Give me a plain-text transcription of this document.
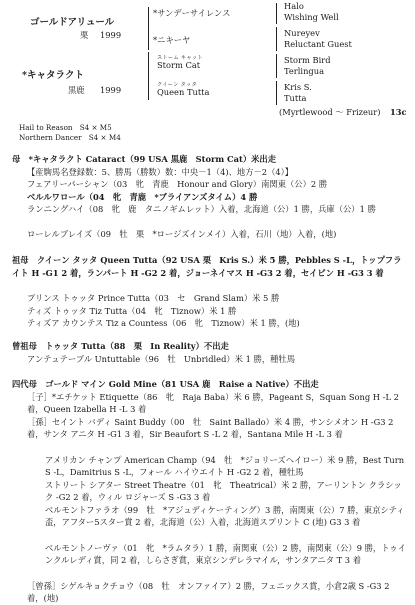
ゴールドアリュール
栗 1999
*キャタラクト
黒鹿 1999
*サンデーサイレンス
*ニキーヤ
ストーム キャット
Storm Cat
クイーン タッタ
Queen Tutta
Halo
Wishing Well
Nureyev
Reluctant Guest
Storm Bird
Terlingua
Kris S.
Tutta
(Myrtlewood ～ Frizeur) 13c
Hail to Reason　S4 × M5
Northern Dancer　S4 × M4
母　 *キャタラクト Cataract（99 USA 黒鹿　Storm Cat）米出走
【産駒馬名登録数：5、勝馬（勝数）数：中央－1（4)、地方－2（4）】
フェアリーパーシャン（03　牝　青鹿　Honour and Glory）南関東（公）2 勝
ベルルワロール（04　牝　青鹿　*ブライアンズタイム）4 勝
ランニングハイ（08　牝　鹿　タニノギムレット）入着，北海道（公）1 勝，兵庫（公）1 勝
ローレルブレイズ（09　牡　栗　*ロージズインメイ）入着，石川（地）入着，(地)
祖母　 クイーン タッタ Queen Tutta（92 USA 栗　Kris S.）米 5 勝，Pebbles S -L，トップフライト H -G1 2 着，ランパート H -G2 2 着，ジョーネイマス H -G3 2 着，セイビン H -G3 3 着
プリンス トゥッタ Prince Tutta（03　セ　Grand Slam）米 5 勝
ティズ トゥッタ Tiz Tutta（04　牝　Tiznow）米 1 勝
ティズア カウンテス Tiz a Countess（06　牝　Tiznow）米 1 勝，(地)
曾祖母　 トゥッタ Tutta（88　栗　In Reality）不出走
アンテュテーブル Untuttable（96　牡　Unbridled）米 1 勝，種牡馬
四代母　 ゴールド マイン Gold Mine（81 USA 鹿　Raise a Native）不出走
［子］*エチケット Etiquette（86　牝　Raja Baba）米 6 勝，Pageant S，Squan Song H -L 2 着，Queen Izabella H -L 3 着
［孫］セイント バディ Saint Buddy（00　牡　Saint Ballado）米 4 勝，サンシメオン H -G3 2 着，サンタ アニタ H -G1 3 着，Sir Beaufort S -L 2 着，Santana Mile H -L 3 着
アメリカン チャンプ American Champ（94　牡　*ジョリーズヘイロー）米 9 勝，Best Turn S -L，Damitrius S -L，フォール ハイウエイト H -G2 2 着，種牡馬
ストリート シアター Street Theatre（01　牝　Theatrical）米 2 勝，アーリントン クラシック -G2 2 着，ウィル ロジャーズ S -G3 3 着
ベルモントファラオ（99　牡　*アジュディケーティング）3 勝，南関東（公）7 勝，東京シティ盃，アフター5スター賞 2 着，北海道（公）入着，北海道スプリント C (地) G3 3 着
ベルモントノーヴァ（01　牝　*ラムタラ）1 勝，南関東（公）2 勝，南関東（公）9 勝，トゥインクルレディ賞，同 2 着，しらさぎ賞，東京シンデレラマイル，サンタアニタ T 3 着
［曾孫］シゲルキョクチョウ（08　牡　オンファイア）2 勝，フェニックス賞，小倉2歳 S -G3 2 着，(地)
